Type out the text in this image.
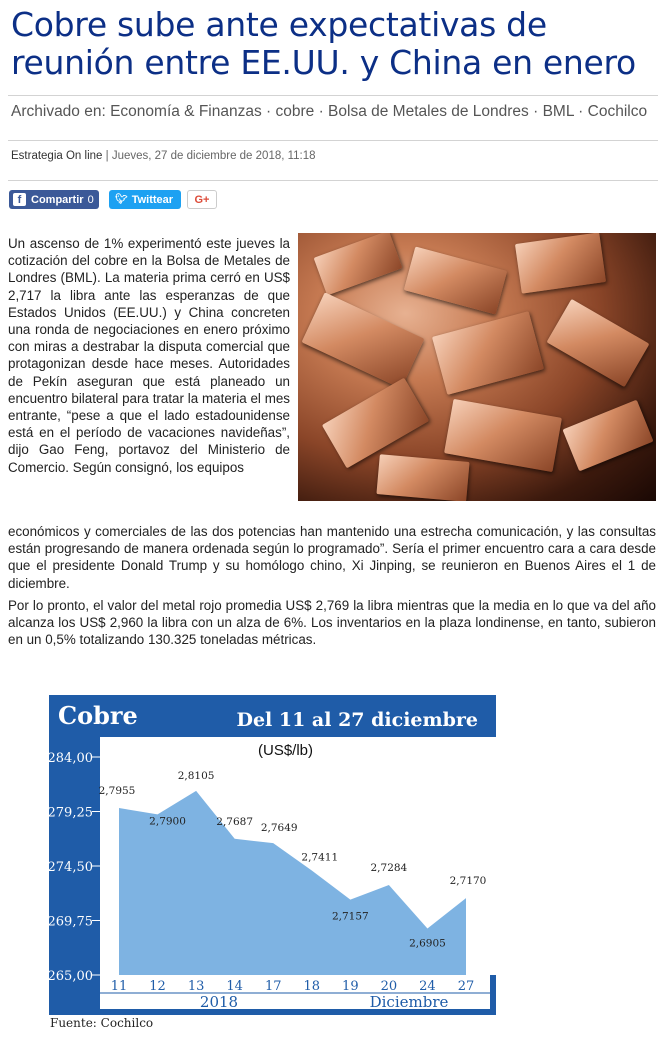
Cobre sube ante expectativas de reunión entre EE.UU. y China en enero
Archivado en: Economía & Finanzas · cobre · Bolsa de Metales de Londres · BML · Cochilco
Estrategia On line | Jueves, 27 de diciembre de 2018, 11:18
f Compartir 0 🐦︎ Twittear G+

Un ascenso de 1% experimentó este jueves la cotización del cobre en la Bolsa de Metales de Londres (BML). La materia prima cerró en US$ 2,717 la libra ante las esperanzas de que Estados Unidos (EE.UU.) y China concreten una ronda de negociaciones en enero próximo con miras a destrabar la disputa comercial que protagonizan desde hace meses. Autoridades de Pekín aseguran que está planeado un encuentro bilateral para tratar la materia el mes entrante, “pese a que el lado estadounidense está en el período de vacaciones navideñas”, dijo Gao Feng, portavoz del Ministerio de Comercio. Según consignó, los equipos

económicos y comerciales de las dos potencias han mantenido una estrecha comunicación, y las consultas están progresando de manera ordenada según lo programado”. Sería el primer encuentro cara a cara desde que el presidente Donald Trump y su homólogo chino, Xi Jinping, se reunieron en Buenos Aires el 1 de diciembre.

Por lo pronto, el valor del metal rojo promedia US$ 2,769 la libra mientras que la media en lo que va del año alcanza los US$ 2,960 la libra con un alza de 6%. Los inventarios en la plaza londinense, en tanto, subieron en un 0,5% totalizando 130.325 toneladas métricas.

Cobre	Del 11 al 27 diciembre
(US$/lb)
265,00
269,75
274,50
279,25
284,00
2,7955
2,7900
2,8105
2,7687
2,7649
2,7411
2,7157
2,7284
2,6905
2,7170
11 12 13 14 17 18 19 20 24 27
2018	Diciembre
Fuente: Cochilco
